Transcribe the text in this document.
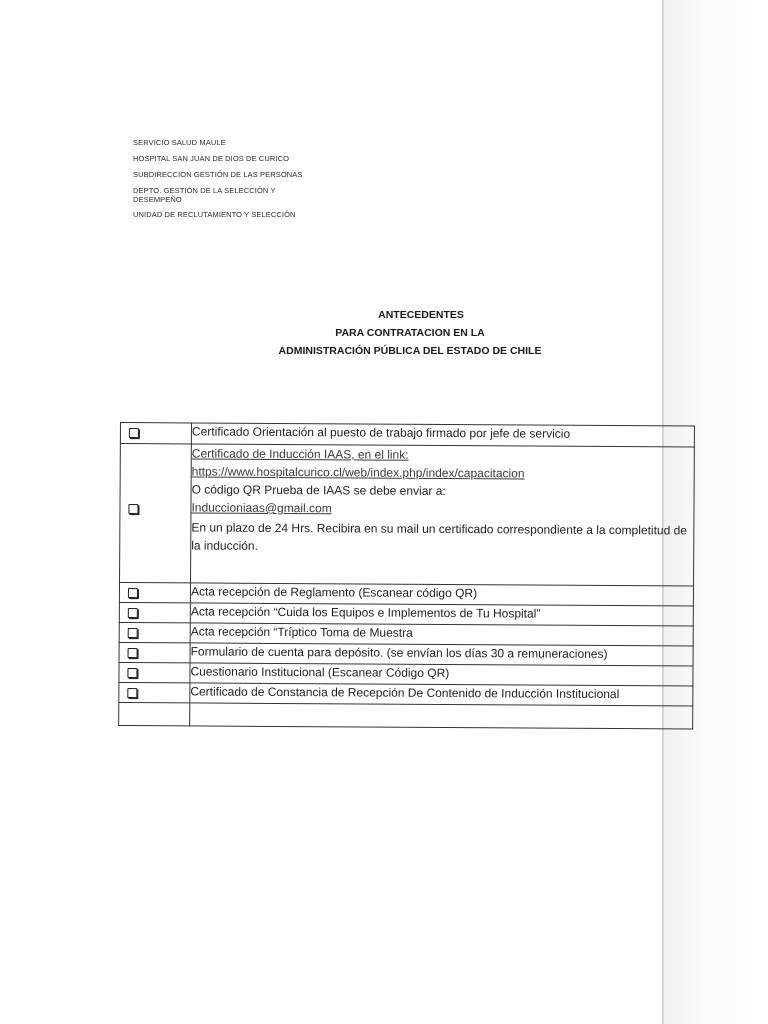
SERVICIO SALUD MAULE
HOSPITAL SAN JUAN DE DIOS DE CURICO
SUBDIRECCION GESTIÓN DE LAS PERSONAS
DEPTO. GESTIÓN DE LA SELECCIÓN Y DESEMPEÑO
UNIDAD DE RECLUTAMIENTO Y SELECCIÓN
ANTECEDENTES
PARA CONTRATACION EN LA
ADMINISTRACIÓN PÚBLICA DEL ESTADO DE CHILE

	Certificado Orientación al puesto de trabajo firmado por jefe de servicio

	Certificado de Inducción IAAS, en el link:
https://www.hospitalcurico.cl/web/index.php/index/capacitacion
O código QR Prueba de IAAS se debe enviar a:
Induccioniaas@gmail.com
En un plazo de 24 Hrs. Recibira en su mail un certificado correspondiente a la completitud de la inducción.

	Acta recepción de Reglamento (Escanear código QR)

	Acta recepción “Cuida los Equipos e Implementos de Tu Hospital”

	Acta recepción “Tríptico Toma de Muestra

	Formulario de cuenta para depósito. (se envían los días 30 a remuneraciones)

	Cuestionario Institucional (Escanear Código QR)

	Certificado de Constancia de Recepción De Contenido de Inducción Institucional
